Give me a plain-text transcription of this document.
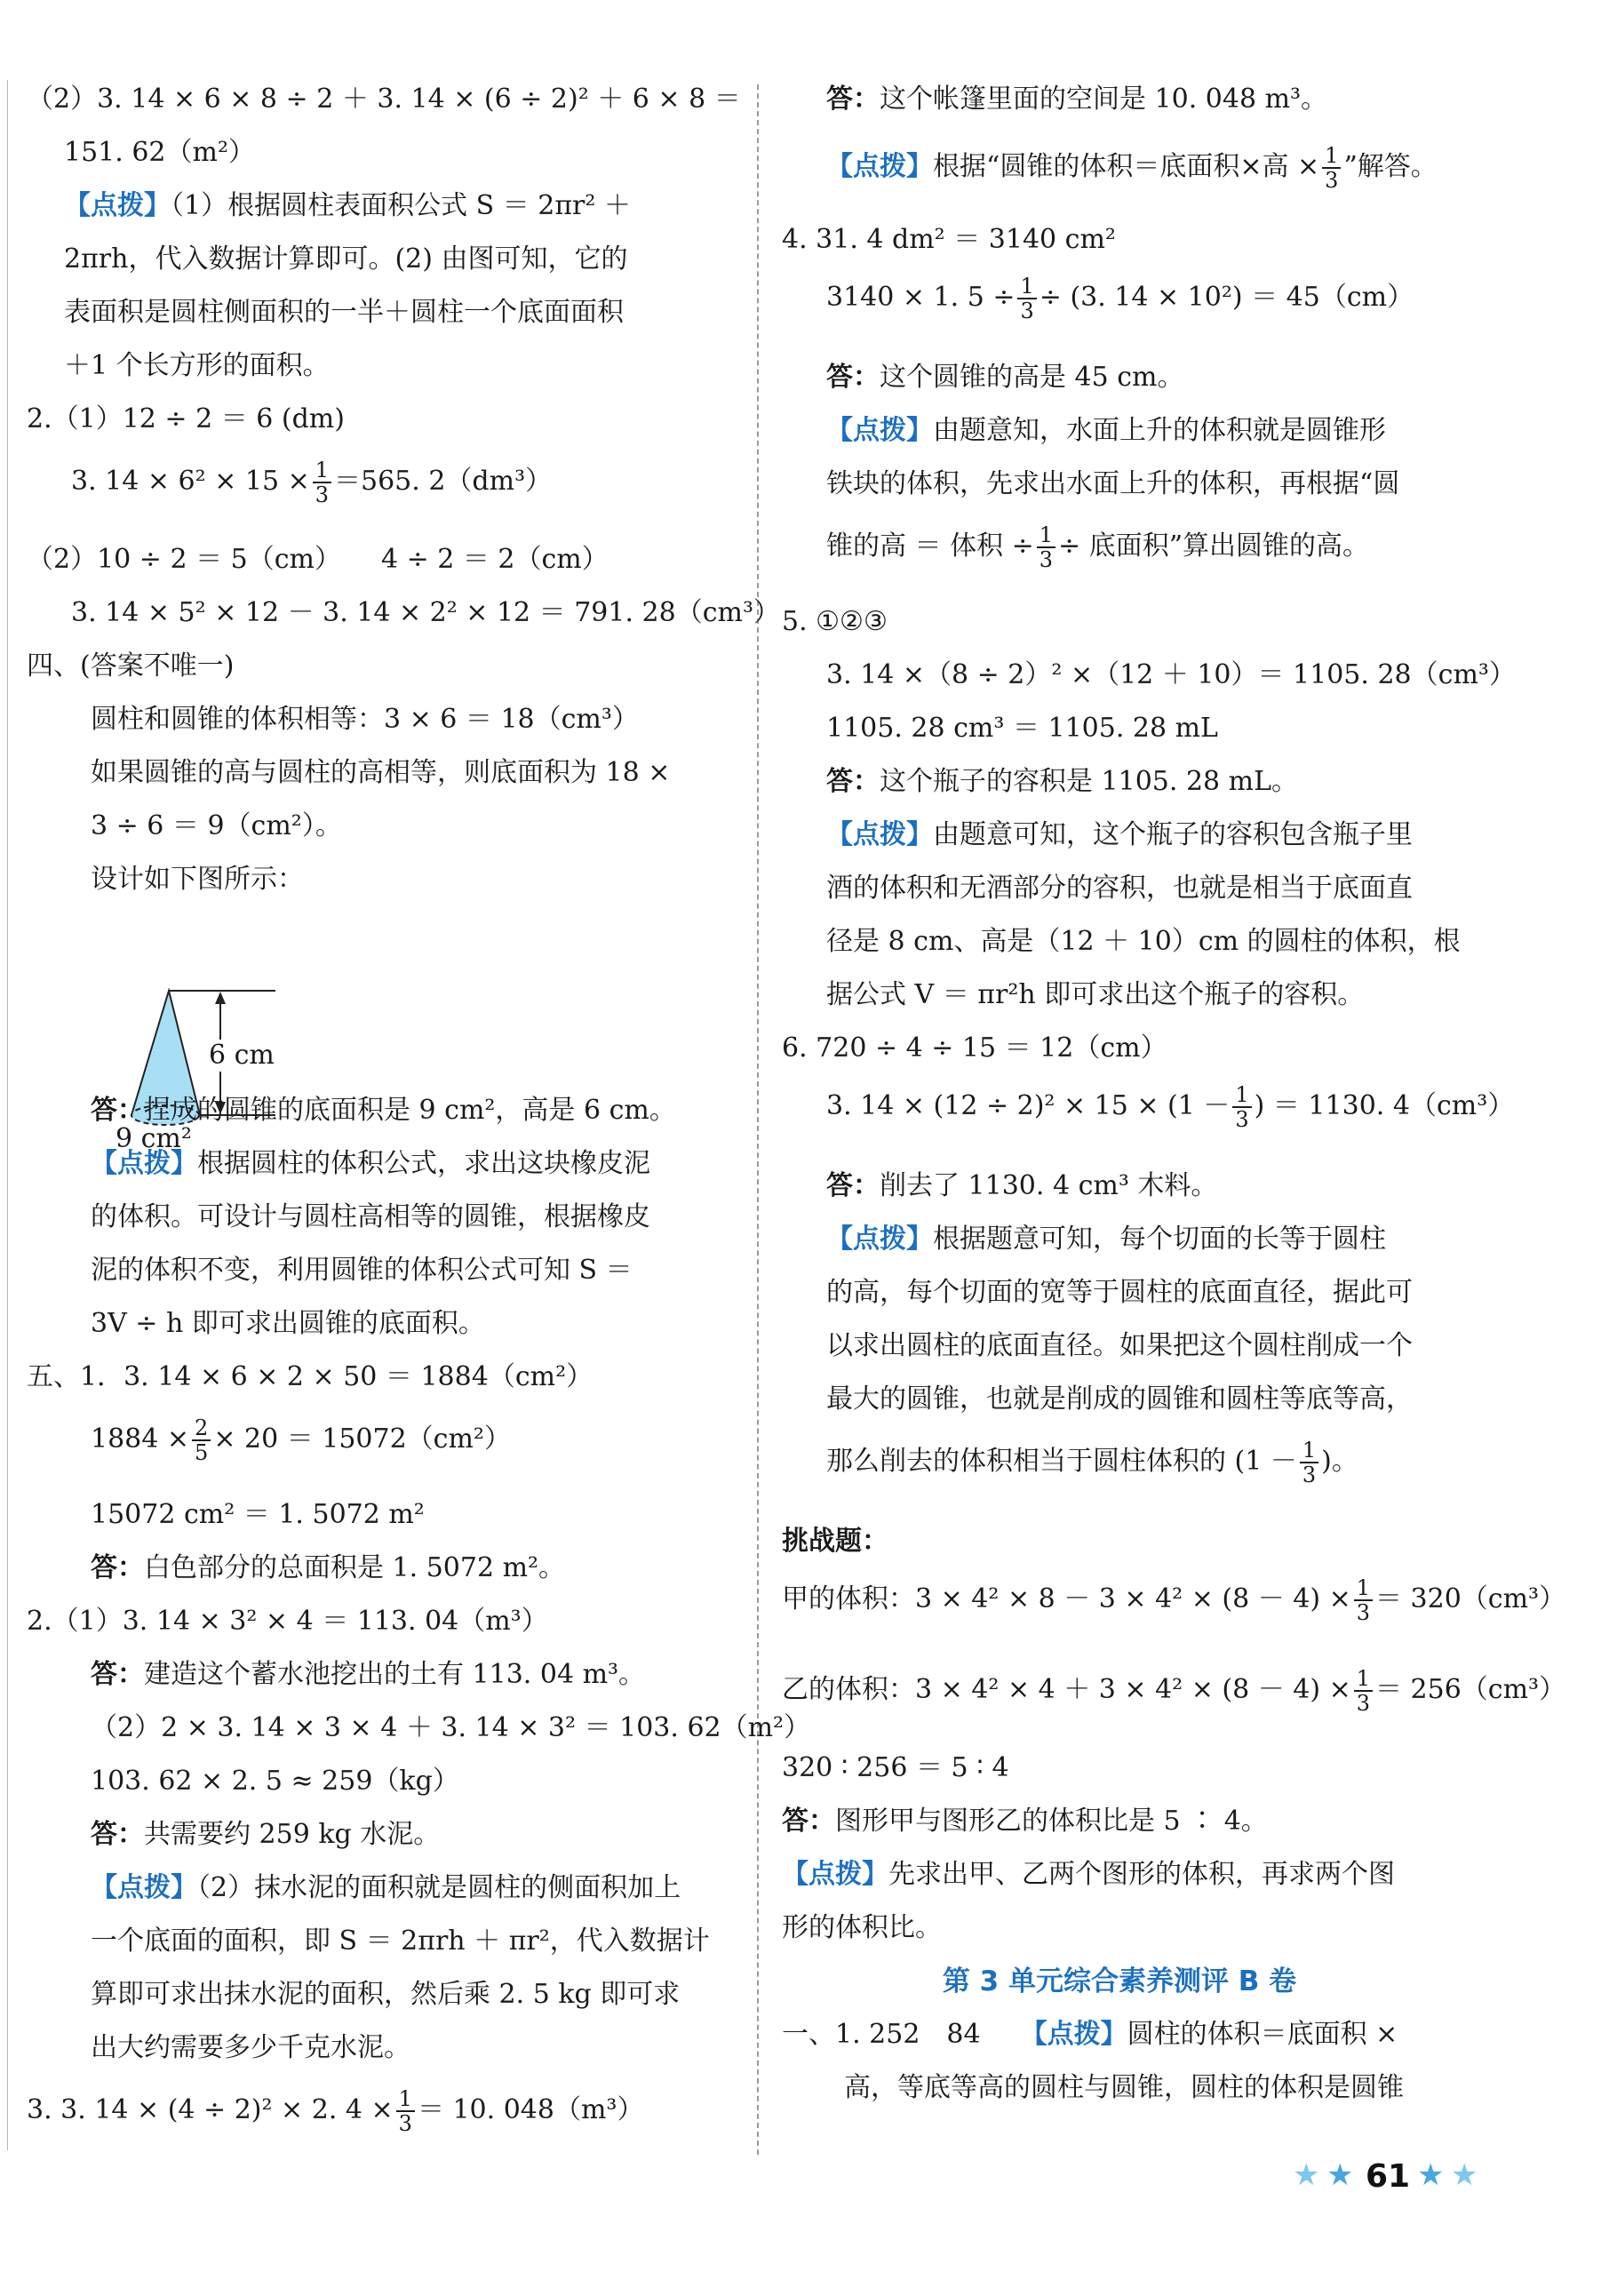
（2）3. 14 × 6 × 8 ÷ 2 ＋ 3. 14 × (6 ÷ 2)² ＋ 6 × 8 ＝
151. 62（m²）
【点拨】（1）根据圆柱表面积公式 S ＝ 2πr² ＋
2πrh，代入数据计算即可。(2) 由图可知，它的
表面积是圆柱侧面积的一半＋圆柱一个底面面积
＋1 个长方形的面积。
2.（1）12 ÷ 2 ＝ 6 (dm)
3. $14 \times 6^2 \times 15 \times \frac{1}{3} =565$. 2（dm³）
（2）10 ÷ 2 ＝ 5（cm）　　4 ÷ 2 ＝ 2（cm）
3. 14 × 5² × 12 － 3. 14 × 2² × 12 ＝ 791. 28（cm³）
四、(答案不唯一)
圆柱和圆锥的体积相等：3 × 6 ＝ 18（cm³）
如果圆锥的高与圆柱的高相等，则底面积为 18 ×
3 ÷ 6 ＝ 9（cm²）。
设计如下图所示：
6 cm
9 cm²
答：捏成的圆锥的底面积是 9 cm²，高是 6 cm。
【点拨】根据圆柱的体积公式，求出这块橡皮泥
的体积。可设计与圆柱高相等的圆锥，根据橡皮
泥的体积不变，利用圆锥的体积公式可知 S ＝
3V ÷ h 即可求出圆锥的底面积。
五、1．3. 14 × 6 × 2 × 50 ＝ 1884（cm²）
$1884 \times \frac{2}{5} \times 20 = 15072(cm^2)$
15072 cm² ＝ 1. 5072 m²
答：白色部分的总面积是 1. 5072 m²。
2.（1）3. 14 × 3² × 4 ＝ 113. 04（m³）
答：建造这个蓄水池挖出的土有 113. 04 m³。
（2）2 × 3. 14 × 3 × 4 ＋ 3. 14 × 3² ＝ 103. 62（m²）
103. 62 × 2. 5 ≈ 259（kg）
答：共需要约 259 kg 水泥。
【点拨】（2）抹水泥的面积就是圆柱的侧面积加上
一个底面的面积，即 S ＝ 2πrh ＋ πr²，代入数据计
算即可求出抹水泥的面积，然后乘 2. 5 kg 即可求
出大约需要多少千克水泥。
3. 3. 14 × (4 ÷ 2)² × 2. $4 \times \frac{1}{3} = 10$. 048（m³）
答：这个帐篷里面的空间是 10. 048 m³。
【点拨】根据“圆锥的体积＝底面积×高 × $\frac{1}{3}$ ”解答。
4. 31. 4 dm² ＝ 3140 cm²
3140 × 1. $5 \div \frac{1}{3} \div (3$. 14 × 10²) ＝ 45（cm）
答：这个圆锥的高是 45 cm。
【点拨】由题意知，水面上升的体积就是圆锥形
铁块的体积，先求出水面上升的体积，再根据“圆
锥的高 ＝ 体积 ÷ $\frac{1}{3}$ ÷ 底面积”算出圆锥的高。
5. ①②③
3. 14 ×（8 ÷ 2）² ×（12 ＋ 10）＝ 1105. 28（cm³）
1105. 28 cm³ ＝ 1105. 28 mL
答：这个瓶子的容积是 1105. 28 mL。
【点拨】由题意可知，这个瓶子的容积包含瓶子里
酒的体积和无酒部分的容积，也就是相当于底面直
径是 8 cm、高是（12 ＋ 10）cm 的圆柱的体积，根
据公式 V ＝ πr²h 即可求出这个瓶子的容积。
6. 720 ÷ 4 ÷ 15 ＝ 12（cm）
3. $14 \times (12 \div 2)^2 \times 15 \times (1 - \frac{1}{3}$ ) ＝ 1130. 4（cm³）
答：削去了 1130. 4 cm³ 木料。
【点拨】根据题意可知，每个切面的长等于圆柱
的高，每个切面的宽等于圆柱的底面直径，据此可
以求出圆柱的底面直径。如果把这个圆柱削成一个
最大的圆锥，也就是削成的圆锥和圆柱等底等高，
那么削去的体积相当于圆柱体积的 ($1 - \frac{1}{3}$ )。
挑战题：
甲的体积：$3 \times 4^2 \times 8 - 3 \times 4^2 \times (8 - 4) \times \frac{1}{3} = 320(cm^3)$
乙的体积：$3 \times 4^2 \times 4 + 3 \times 4^2 \times (8 - 4) \times \frac{1}{3} = 256(cm^3)$
320 ∶ 256 ＝ 5 ∶ 4
答：图形甲与图形乙的体积比是 5 ∶ 4。
【点拨】先求出甲、乙两个图形的体积，再求两个图
形的体积比。
第 3 单元综合素养测评 B 卷
一、1. 252　84　　 【点拨】圆柱的体积＝底面积 ×
高，等底等高的圆柱与圆锥，圆柱的体积是圆锥
★ ★ 61 ★ ★
